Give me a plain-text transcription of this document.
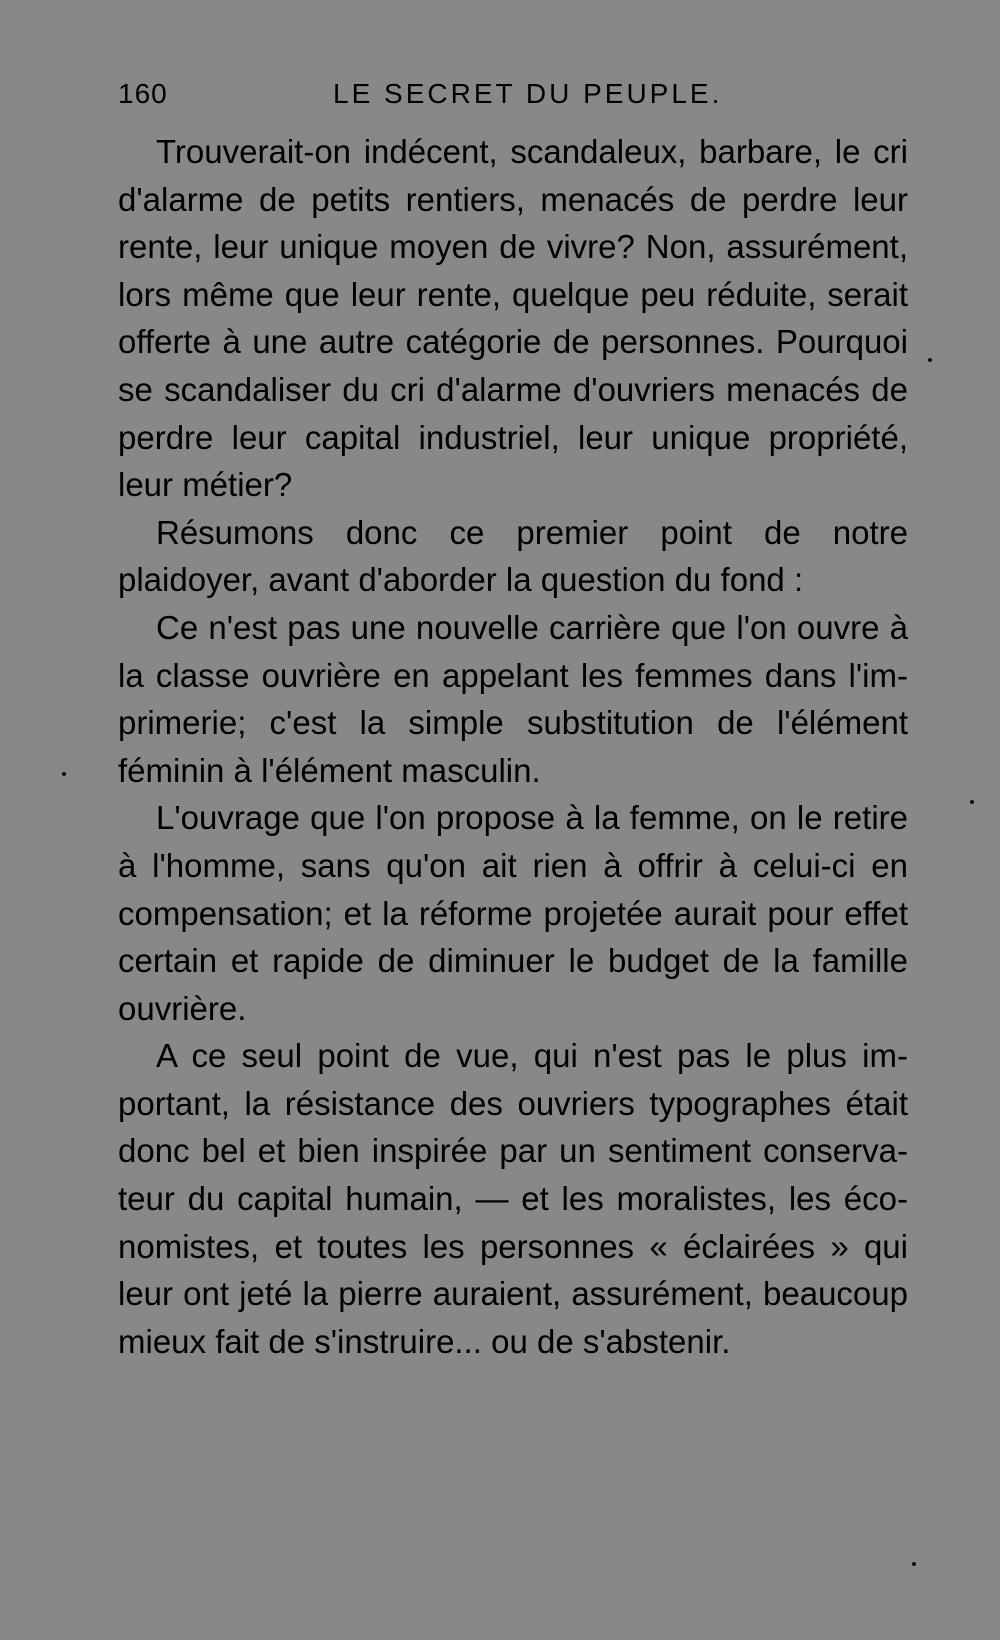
160	LE SECRET DU PEUPLE.

Trouverait-on indécent, scandaleux, barbare, le cri d'alarme de petits rentiers, menacés de perdre leur rente, leur unique moyen de vivre? Non, assurément, lors même que leur rente, quelque peu réduite, serait offerte à une autre catégorie de personnes. Pourquoi se scandaliser du cri d'alarme d'ouvriers menacés de perdre leur capital industriel, leur unique propriété, leur métier?

Résumons donc ce premier point de notre plaidoyer, avant d'aborder la question du fond :

Ce n'est pas une nouvelle carrière que l'on ouvre à la classe ouvrière en appelant les femmes dans l'imprimerie; c'est la simple substitution de l'élément féminin à l'élément masculin.

L'ouvrage que l'on propose à la femme, on le retire à l'homme, sans qu'on ait rien à offrir à celui-ci en compensation; et la réforme projetée aurait pour effet certain et rapide de diminuer le budget de la famille ouvrière.

A ce seul point de vue, qui n'est pas le plus important, la résistance des ouvriers typographes était donc bel et bien inspirée par un sentiment conservateur du capital humain, — et les moralistes, les économistes, et toutes les personnes « éclairées » qui leur ont jeté la pierre auraient, assurément, beaucoup mieux fait de s'instruire... ou de s'abstenir.
